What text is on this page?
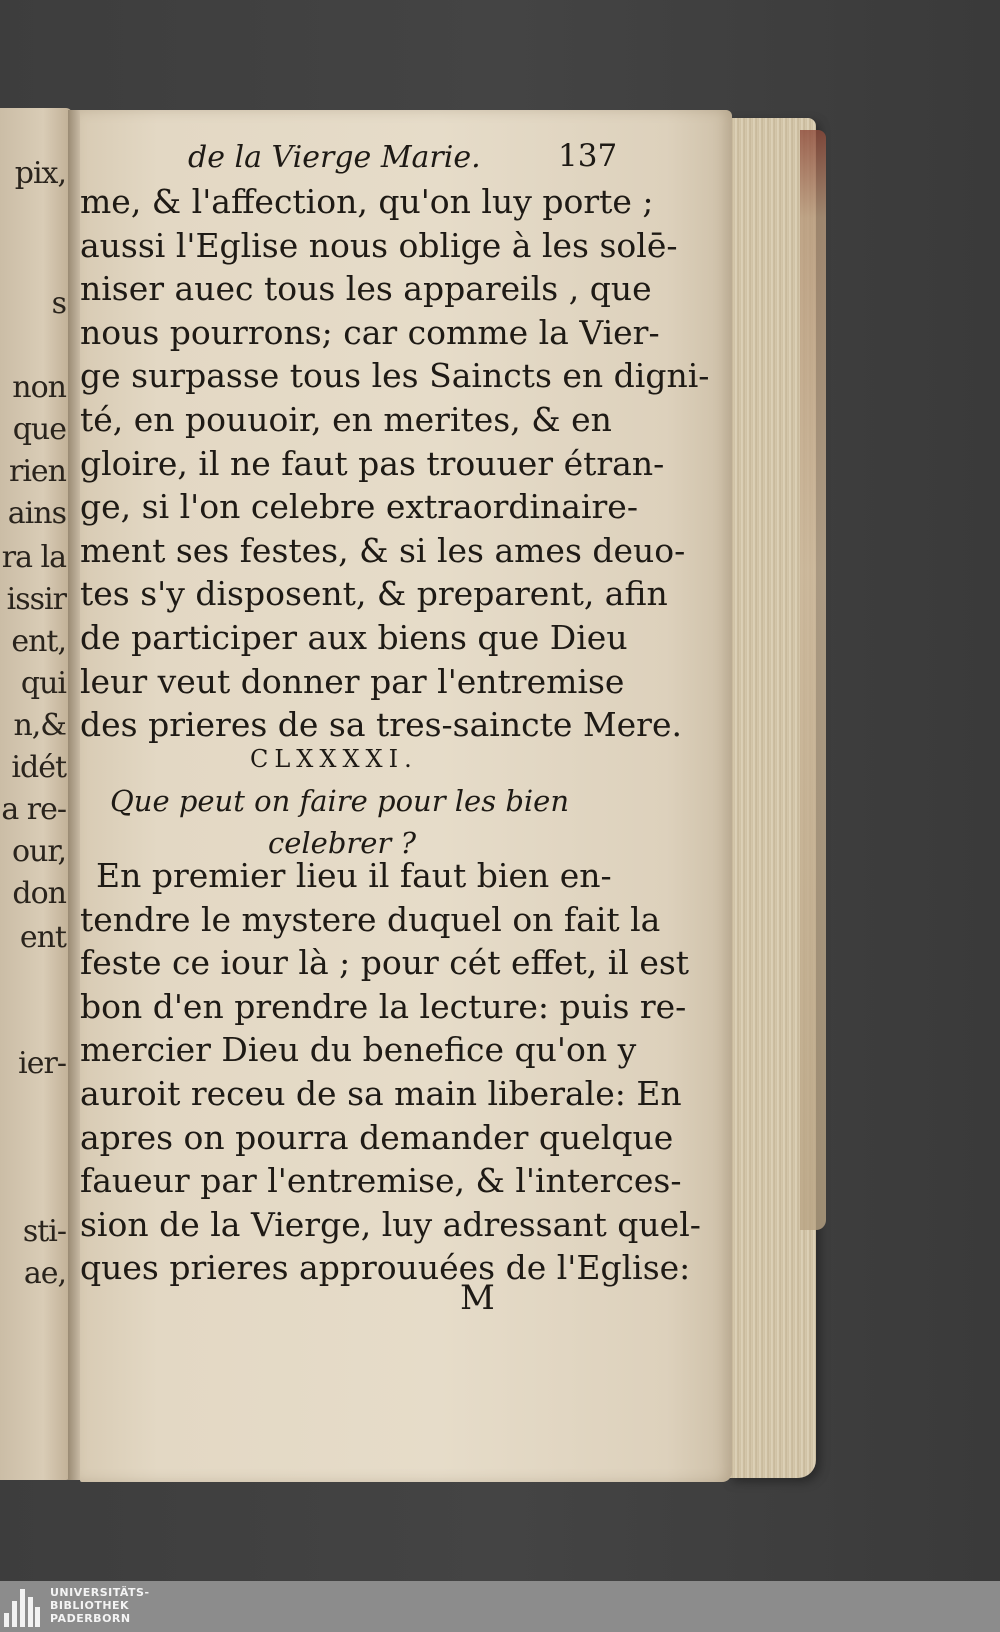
pix,
s
non
que
rien
ains
ra la
issir
ent,
qui
n,&
idét
a re-
our,
don
ent
ier-
sti-
ae,
de la Vierge Marie. 137
me, & l'affection, qu'on luy porte ;
aussi l'Eglise nous oblige à les solē-
niser auec tous les appareils , que
nous pourrons; car comme la Vier-
ge surpasse tous les Saincts en digni-
té, en pouuoir, en merites, & en
gloire, il ne faut pas trouuer étran-
ge, si l'on celebre extraordinaire-
ment ses festes, & si les ames deuo-
tes s'y disposent, & preparent, afin
de participer aux biens que Dieu
leur veut donner par l'entremise
des prieres de sa tres-saincte Mere.
CLXXXXI.
Que peut on faire pour les bien
celebrer ?
En premier lieu il faut bien en-
tendre le mystere duquel on fait la
feste ce iour là ; pour cét effet, il est
bon d'en prendre la lecture: puis re-
mercier Dieu du benefice qu'on y
auroit receu de sa main liberale: En
apres on pourra demander quelque
faueur par l'entremise, & l'interces-
sion de la Vierge, luy adressant quel-
ques prieres approuuées de l'Eglise:
M
UNIVERSITÄTS-
BIBLIOTHEK
PADERBORN
